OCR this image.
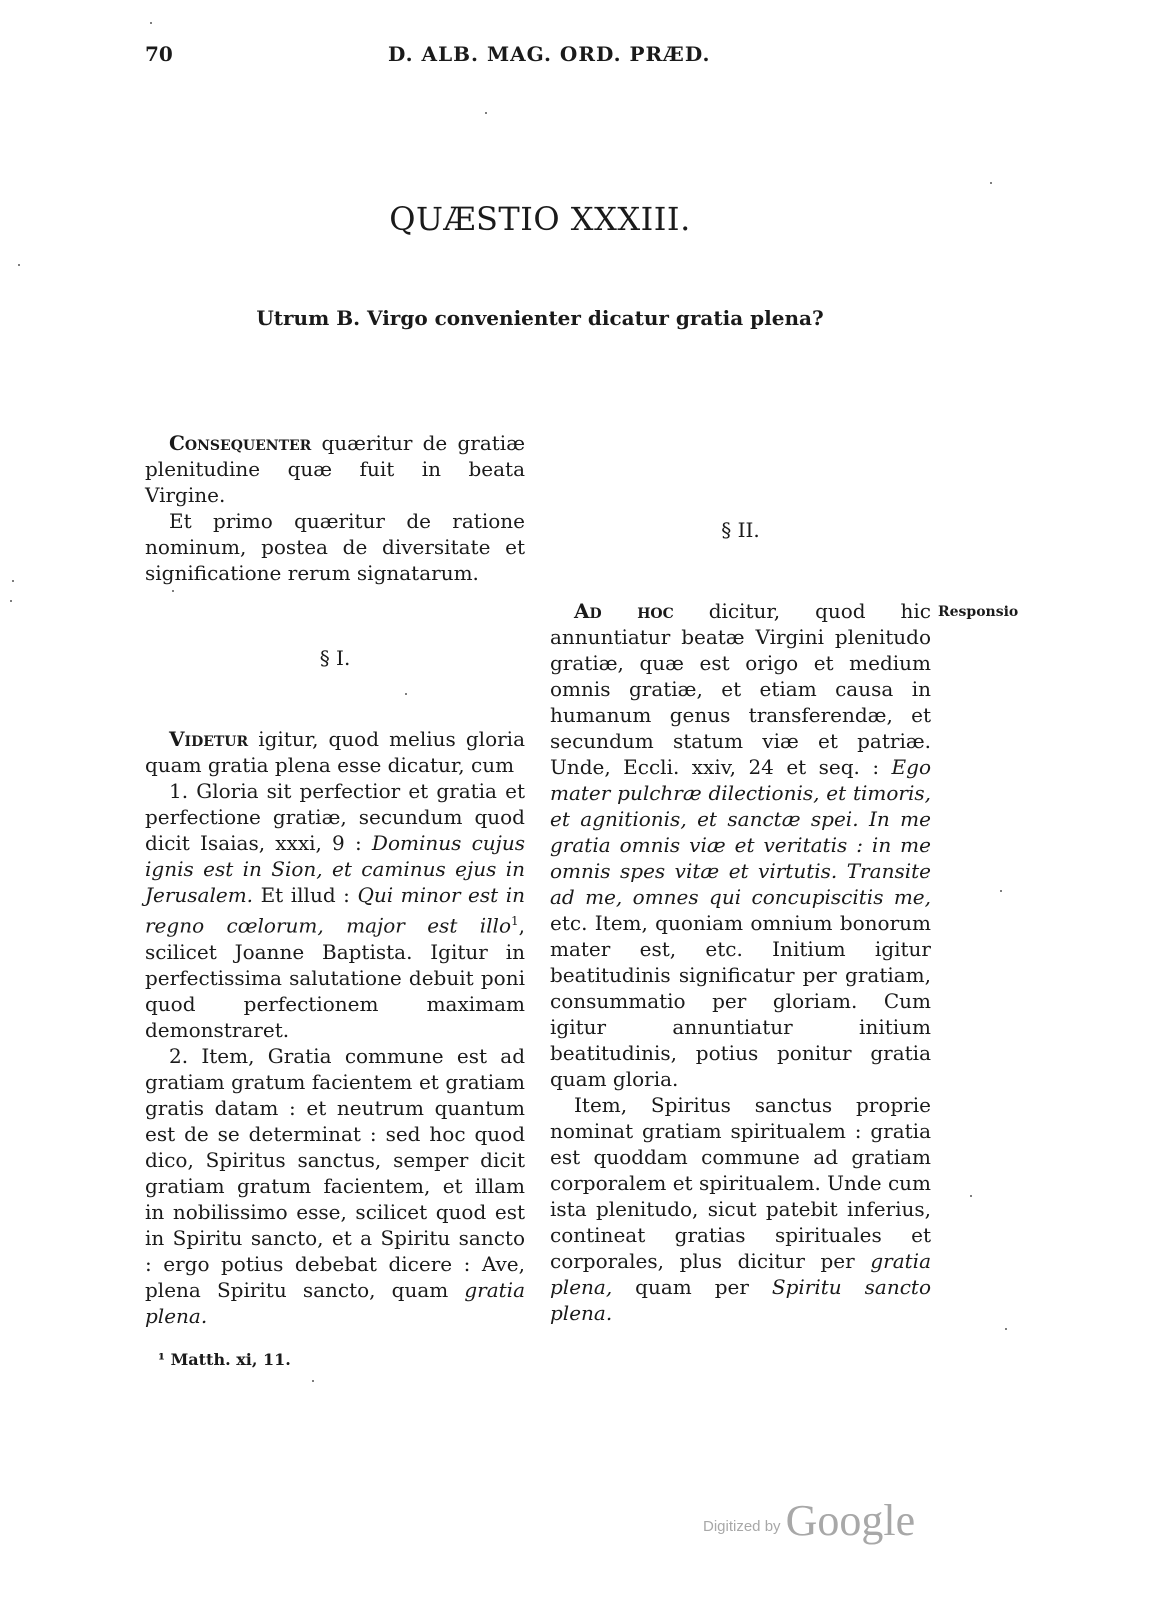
70	D. ALB. MAG. ORD. PRÆD.
QUÆSTIO XXXIII.
Utrum B. Virgo convenienter dicatur gratia plena?

Consequenter quæritur de gratiæ plenitudine quæ fuit in beata Virgine.

Et primo quæritur de ratione nominum, postea de diversitate et significatione rerum signatarum.

§ I.

Videtur igitur, quod melius gloria quam gratia plena esse dicatur, cum

1. Gloria sit perfectior et gratia et perfectione gratiæ, secundum quod dicit Isaias, xxxi, 9 : Dominus cujus ignis est in Sion, et caminus ejus in Jerusalem. Et illud : Qui minor est in regno cœlorum, major est illo$^1$, scilicet Joanne Baptista. Igitur in perfectissima salutatione debuit poni quod perfectionem maximam demonstraret.

2. Item, Gratia commune est ad gratiam gratum facientem et gratiam gratis datam : et neutrum quantum est de se determinat : sed hoc quod dico, Spiritus sanctus, semper dicit gratiam gratum facientem, et illam in nobilissimo esse, scilicet quod est in Spiritu sancto, et a Spiritu sancto : ergo potius debebat dicere : Ave, plena Spiritu sancto, quam gratia plena.

§ II.
Responsio

Ad hoc dicitur, quod hic annuntiatur beatæ Virgini plenitudo gratiæ, quæ est origo et medium omnis gratiæ, et etiam causa in humanum genus transferendæ, et secundum statum viæ et patriæ. Unde, Eccli. xxiv, 24 et seq. : Ego mater pulchræ dilectionis, et timoris, et agnitionis, et sanctæ spei. In me gratia omnis viæ et veritatis : in me omnis spes vitæ et virtutis. Transite ad me, omnes qui concupiscitis me, etc. Item, quoniam omnium bonorum mater est, etc. Initium igitur beatitudinis significatur per gratiam, consummatio per gloriam. Cum igitur annuntiatur initium beatitudinis, potius ponitur gratia quam gloria.

Item, Spiritus sanctus proprie nominat gratiam spiritualem : gratia est quoddam commune ad gratiam corporalem et spiritualem. Unde cum ista plenitudo, sicut patebit inferius, contineat gratias spirituales et corporales, plus dicitur per gratia plena, quam per Spiritu sancto plena.

¹ Matth. xi, 11.
Digitized by Google
